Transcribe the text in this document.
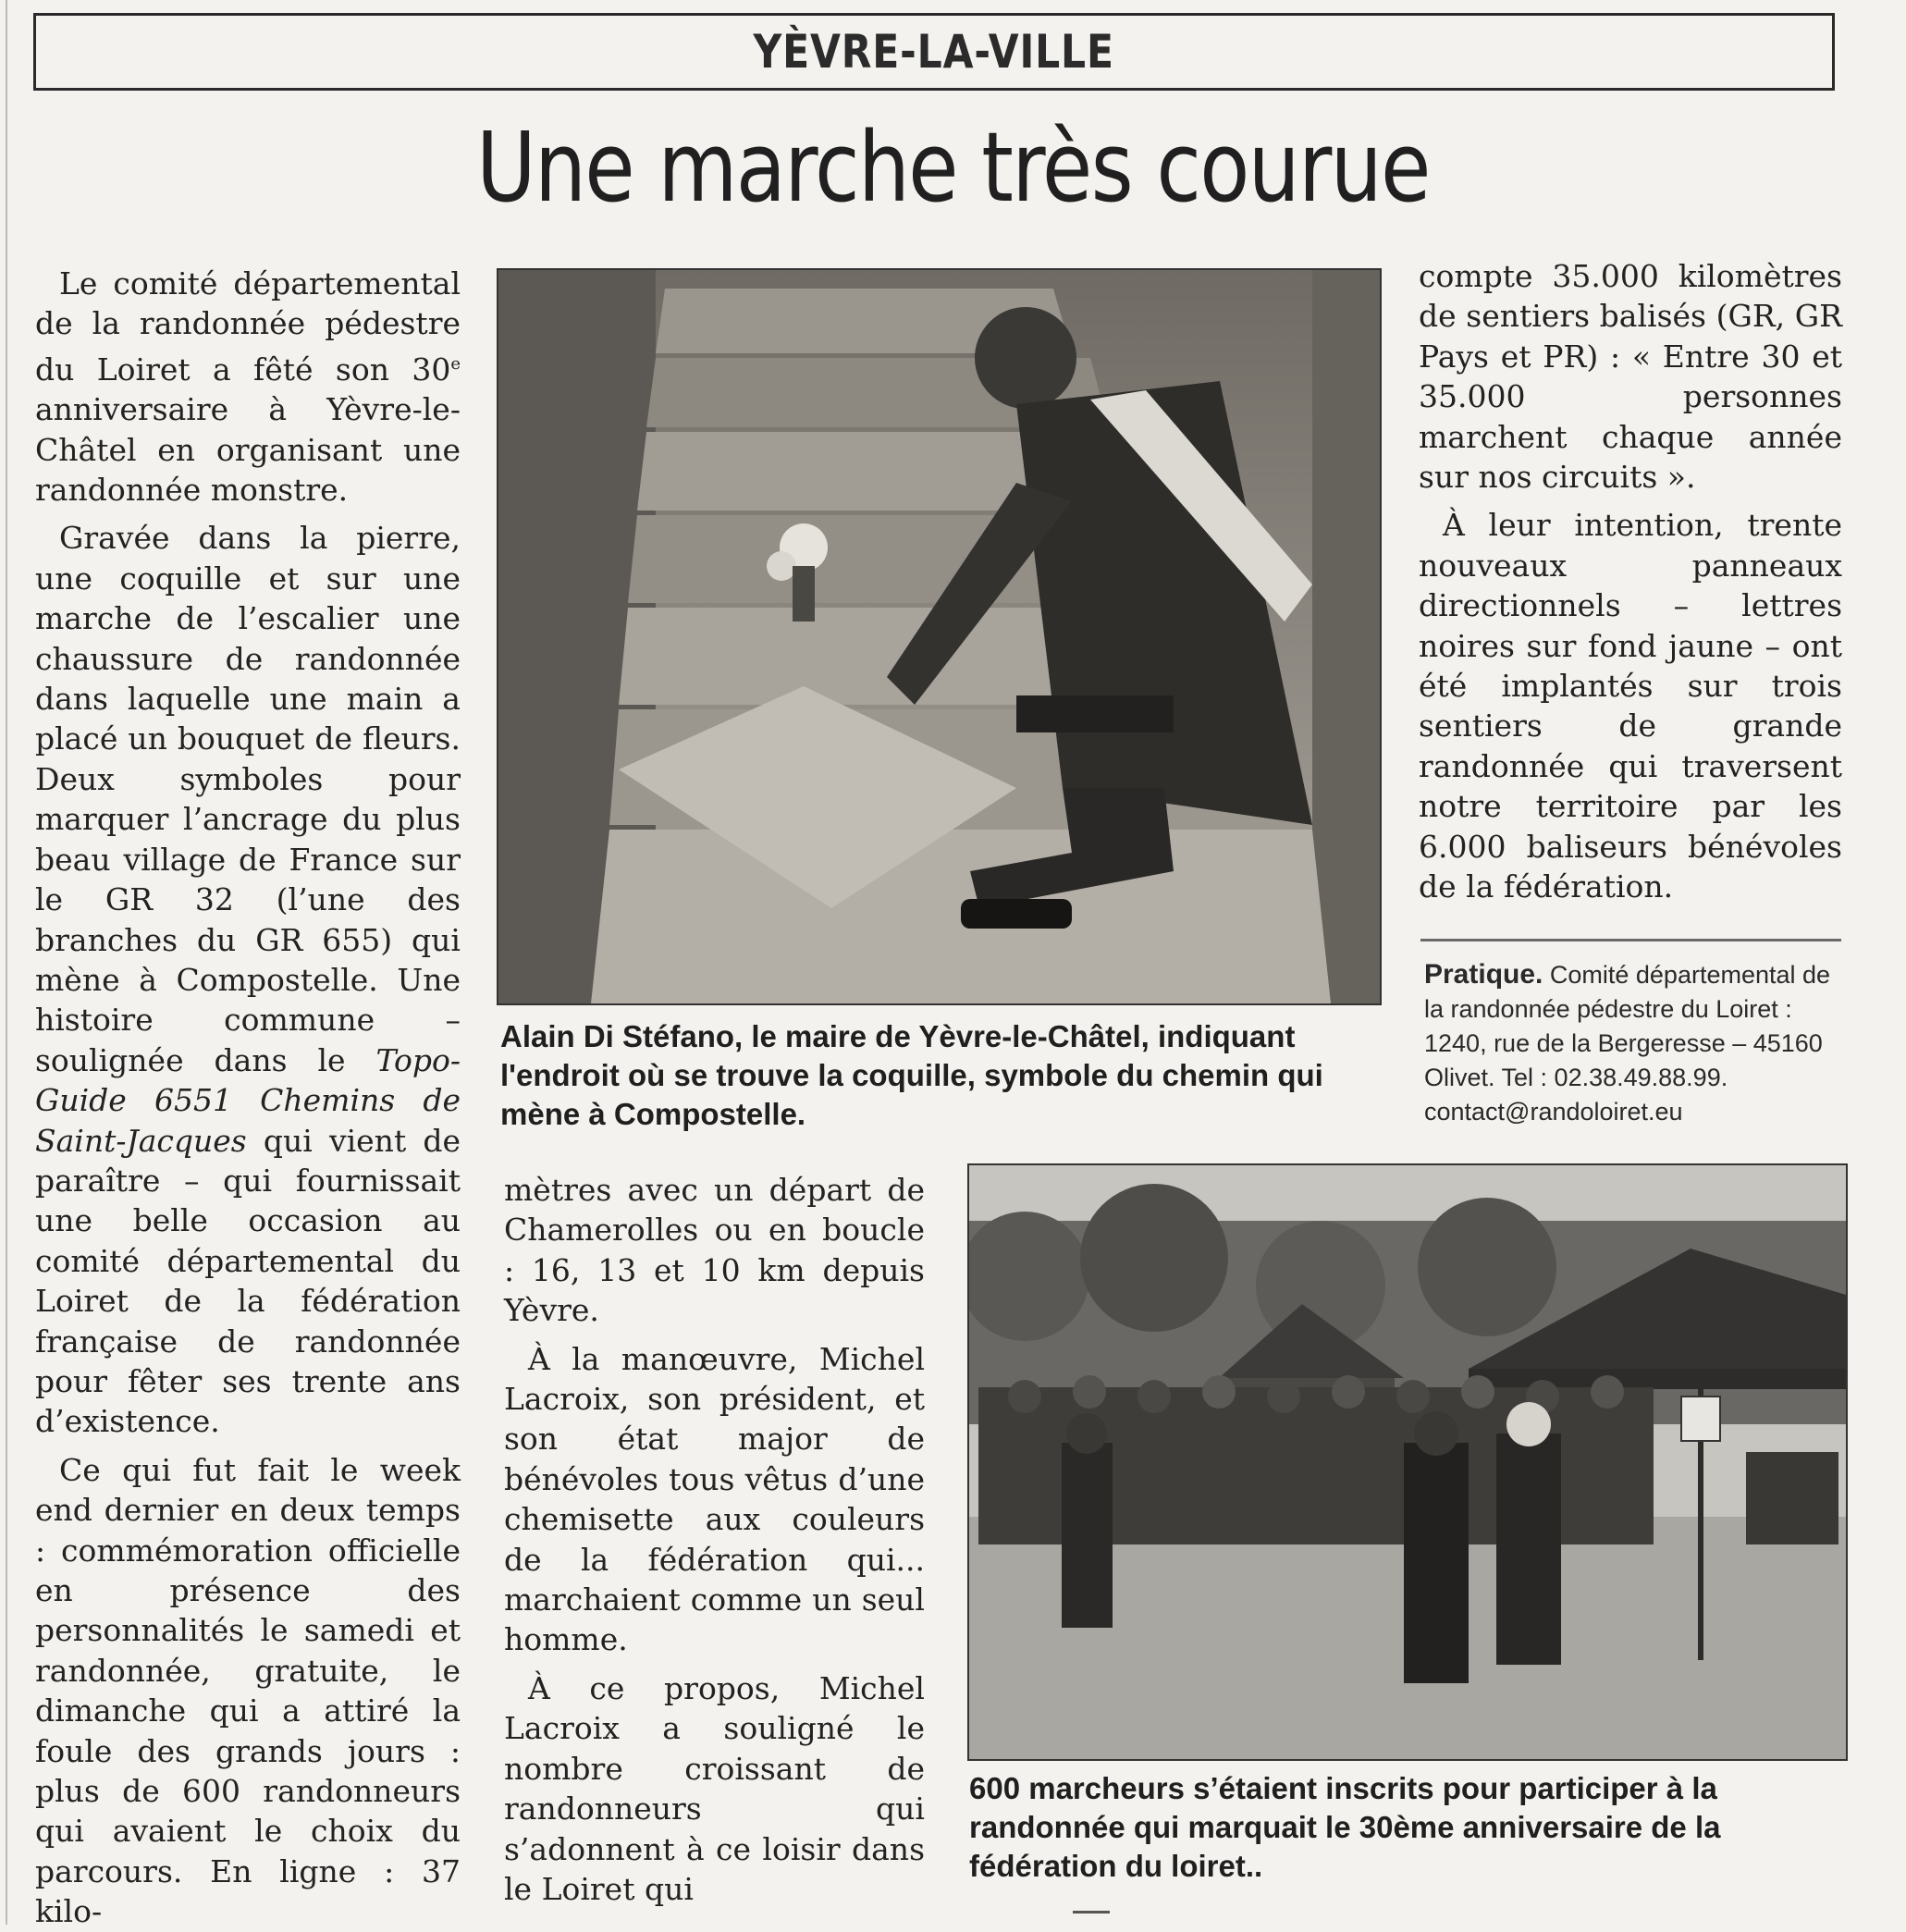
YÈVRE-LA-VILLE
Une marche très courue

Le comité départemental de la randonnée pédestre du Loiret a fêté son 30e anniversaire à Yèvre-le-Châtel en organisant une randonnée monstre.

Gravée dans la pierre, une coquille et sur une marche de l’escalier une chaussure de randonnée dans laquelle une main a placé un bouquet de fleurs. Deux symboles pour marquer l’ancrage du plus beau village de France sur le GR 32 (l’une des branches du GR 655) qui mène à Compostelle. Une histoire commune – soulignée dans le Topo-Guide 6551 Chemins de Saint-Jacques qui vient de paraître – qui fournissait une belle occasion au comité départemental du Loiret de la fédération française de randonnée pour fêter ses trente ans d’existence.

Ce qui fut fait le week end dernier en deux temps : commémoration officielle en présence des personnalités le samedi et randonnée, gratuite, le dimanche qui a attiré la foule des grands jours : plus de 600 randonneurs qui avaient le choix du parcours. En ligne : 37 kilo-

Alain Di Stéfano, le maire de Yèvre-le-Châtel, indiquant l'endroit où se trouve la coquille, symbole du chemin qui mène à Compostelle.

mètres avec un départ de Chamerolles ou en boucle : 16, 13 et 10 km depuis Yèvre.

À la manœuvre, Michel Lacroix, son président, et son état major de bénévoles tous vêtus d’une chemisette aux couleurs de la fédération qui... marchaient comme un seul homme.

À ce propos, Michel Lacroix a souligné le nombre croissant de randonneurs qui s’adonnent à ce loisir dans le Loiret qui

compte 35.000 kilomètres de sentiers balisés (GR, GR Pays et PR) : « Entre 30 et 35.000 personnes marchent chaque année sur nos circuits ».

À leur intention, trente nouveaux panneaux directionnels – lettres noires sur fond jaune – ont été implantés sur trois sentiers de grande randonnée qui traversent notre territoire par les 6.000 baliseurs bénévoles de la fédération.

Pratique. Comité départemental de la randonnée pédestre du Loiret : 1240, rue de la Bergeresse – 45160 Olivet. Tel : 02.38.49.88.99. contact@randoloiret.eu
600 marcheurs s’étaient inscrits pour participer à la randonnée qui marquait le 30ème anniversaire de la fédération du loiret..
